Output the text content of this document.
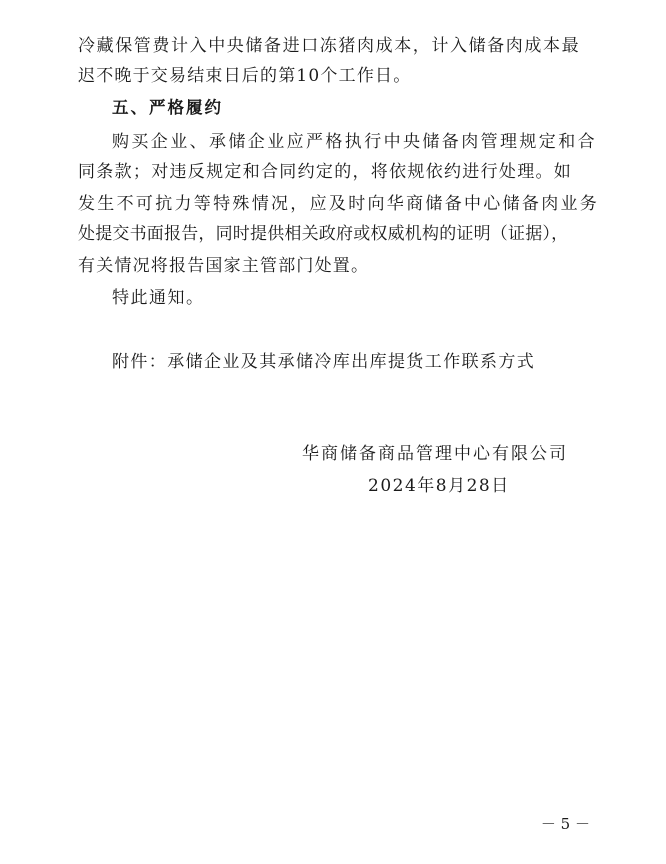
冷藏保管费计入中央储备进口冻猪肉成本，计入储备肉成本最
迟不晚于交易结束日后的第10个工作日。
五、严格履约
购买企业、承储企业应严格执行中央储备肉管理规定和合
同条款；对违反规定和合同约定的，将依规依约进行处理。如
发生不可抗力等特殊情况，应及时向华商储备中心储备肉业务
处提交书面报告，同时提供相关政府或权威机构的证明（证据），
有关情况将报告国家主管部门处置。
特此通知。
附件：承储企业及其承储冷库出库提货工作联系方式
华商储备商品管理中心有限公司
2024年8月28日
－ 5 －
